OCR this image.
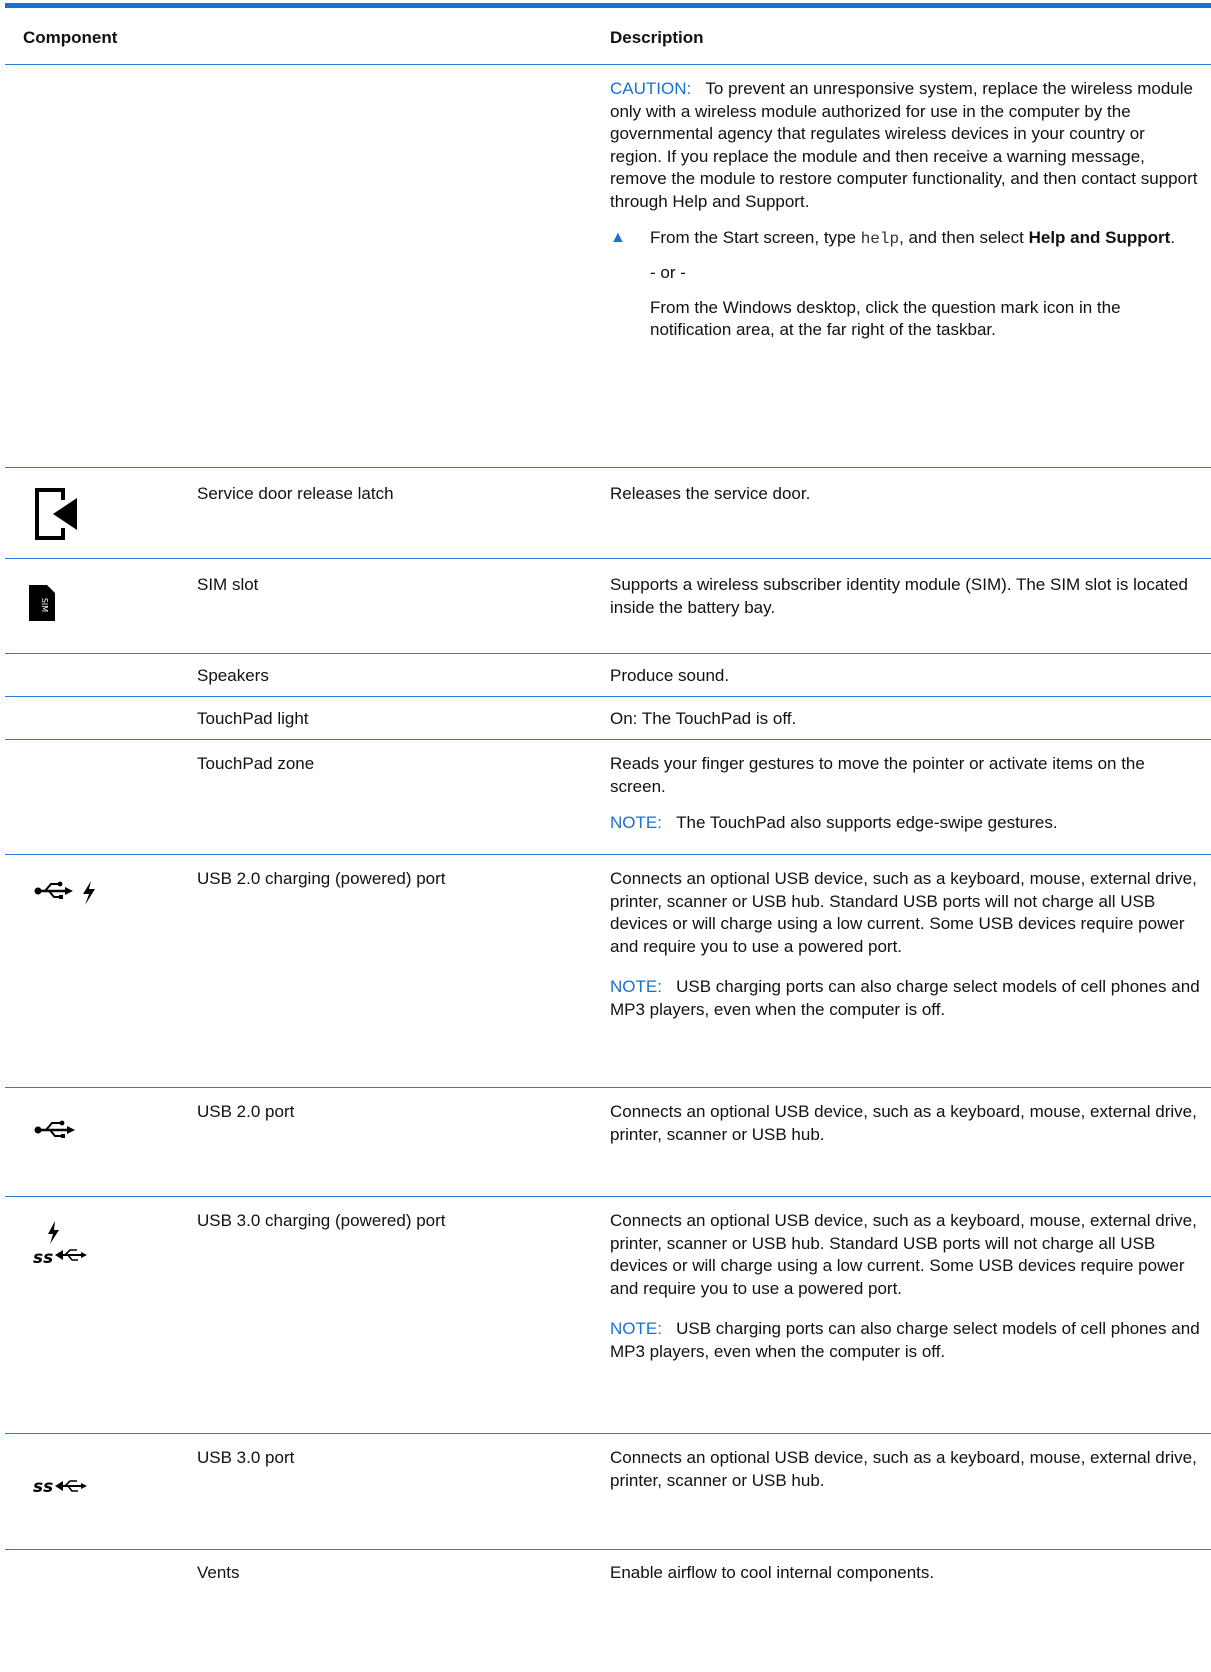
Component	Description

CAUTION: To prevent an unresponsive system, replace the wireless module only with a wireless module authorized for use in the computer by the governmental agency that regulates wireless devices in your country or region. If you replace the module and then receive a warning message, remove the module to restore computer functionality, and then contact support through Help and Support.

▲ From the Start screen, type help, and then select Help and Support.

- or -

From the Windows desktop, click the question mark icon in the notification area, at the far right of the taskbar.

Service door release latch	Releases the service door.
SIM
SIM slot	Supports a wireless subscriber identity module (SIM). The SIM slot is located inside the battery bay.
Speakers	Produce sound.
TouchPad light	On: The TouchPad is off.
TouchPad zone	Reads your finger gestures to move the pointer or activate items on the screen.

NOTE: The TouchPad also supports edge-swipe gestures.

USB 2.0 charging (powered) port	Connects an optional USB device, such as a keyboard, mouse, external drive, printer, scanner or USB hub. Standard USB ports will not charge all USB devices or will charge using a low current. Some USB devices require power and require you to use a powered port.

NOTE: USB charging ports can also charge select models of cell phones and MP3 players, even when the computer is off.

USB 2.0 port	Connects an optional USB device, such as a keyboard, mouse, external drive, printer, scanner or USB hub.
ss
USB 3.0 charging (powered) port	Connects an optional USB device, such as a keyboard, mouse, external drive, printer, scanner or USB hub. Standard USB ports will not charge all USB devices or will charge using a low current. Some USB devices require power and require you to use a powered port.

NOTE: USB charging ports can also charge select models of cell phones and MP3 players, even when the computer is off.

ss
USB 3.0 port	Connects an optional USB device, such as a keyboard, mouse, external drive, printer, scanner or USB hub.
Vents	Enable airflow to cool internal components.
